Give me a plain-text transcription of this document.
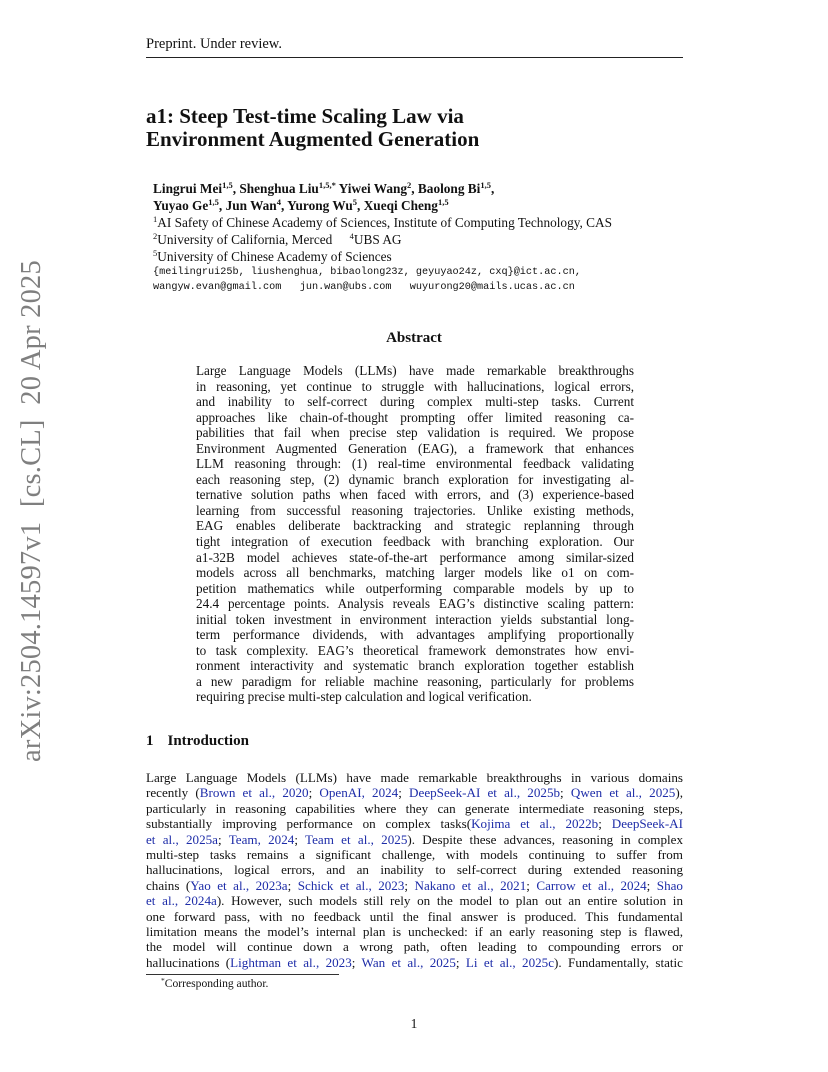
Preprint. Under review.
arXiv:2504.14597v1  [cs.CL]  20 Apr 2025
a1: Steep Test-time Scaling Law via
Environment Augmented Generation
Lingrui Mei$^{1,5}$, Shenghua Liu$^{1,5,*}$ Yiwei Wang$^2$, Baolong Bi$^{1,5}$,
Yuyao Ge$^{1,5}$, Jun Wan$^4$, Yurong Wu$^5$, Xueqi Cheng$^{1,5}$
$^1$AI Safety of Chinese Academy of Sciences, Institute of Computing Technology, CAS
$^2$University of California, Merced $^4$UBS AG
$^5$University of Chinese Academy of Sciences
{meilingrui25b, liushenghua, bibaolong23z, geyuyao24z, cxq}@ict.ac.cn,
wangyw.evan@gmail.com   jun.wan@ubs.com   wuyurong20@mails.ucas.ac.cn
Abstract
Large Language Models (LLMs) have made remarkable breakthroughs
in reasoning, yet continue to struggle with hallucinations, logical errors,
and inability to self-correct during complex multi-step tasks. Current
approaches like chain-of-thought prompting offer limited reasoning ca-
pabilities that fail when precise step validation is required. We propose
Environment Augmented Generation (EAG), a framework that enhances
LLM reasoning through: (1) real-time environmental feedback validating
each reasoning step, (2) dynamic branch exploration for investigating al-
ternative solution paths when faced with errors, and (3) experience-based
learning from successful reasoning trajectories. Unlike existing methods,
EAG enables deliberate backtracking and strategic replanning through
tight integration of execution feedback with branching exploration. Our
a1-32B model achieves state-of-the-art performance among similar-sized
models across all benchmarks, matching larger models like o1 on com-
petition mathematics while outperforming comparable models by up to
24.4 percentage points. Analysis reveals EAG’s distinctive scaling pattern:
initial token investment in environment interaction yields substantial long-
term performance dividends, with advantages amplifying proportionally
to task complexity. EAG’s theoretical framework demonstrates how envi-
ronment interactivity and systematic branch exploration together establish
a new paradigm for reliable machine reasoning, particularly for problems
requiring precise multi-step calculation and logical verification.
1 Introduction
Large Language Models (LLMs) have made remarkable breakthroughs in various domains
recently (Brown et al., 2020; OpenAI, 2024; DeepSeek-AI et al., 2025b; Qwen et al., 2025),
particularly in reasoning capabilities where they can generate intermediate reasoning steps,
substantially improving performance on complex tasks(Kojima et al., 2022b; DeepSeek-AI
et al., 2025a; Team, 2024; Team et al., 2025). Despite these advances, reasoning in complex
multi-step tasks remains a significant challenge, with models continuing to suffer from
hallucinations, logical errors, and an inability to self-correct during extended reasoning
chains (Yao et al., 2023a; Schick et al., 2023; Nakano et al., 2021; Carrow et al., 2024; Shao
et al., 2024a). However, such models still rely on the model to plan out an entire solution in
one forward pass, with no feedback until the final answer is produced. This fundamental
limitation means the model’s internal plan is unchecked: if an early reasoning step is flawed,
the model will continue down a wrong path, often leading to compounding errors or
hallucinations (Lightman et al., 2023; Wan et al., 2025; Li et al., 2025c). Fundamentally, static
*Corresponding author.
1
